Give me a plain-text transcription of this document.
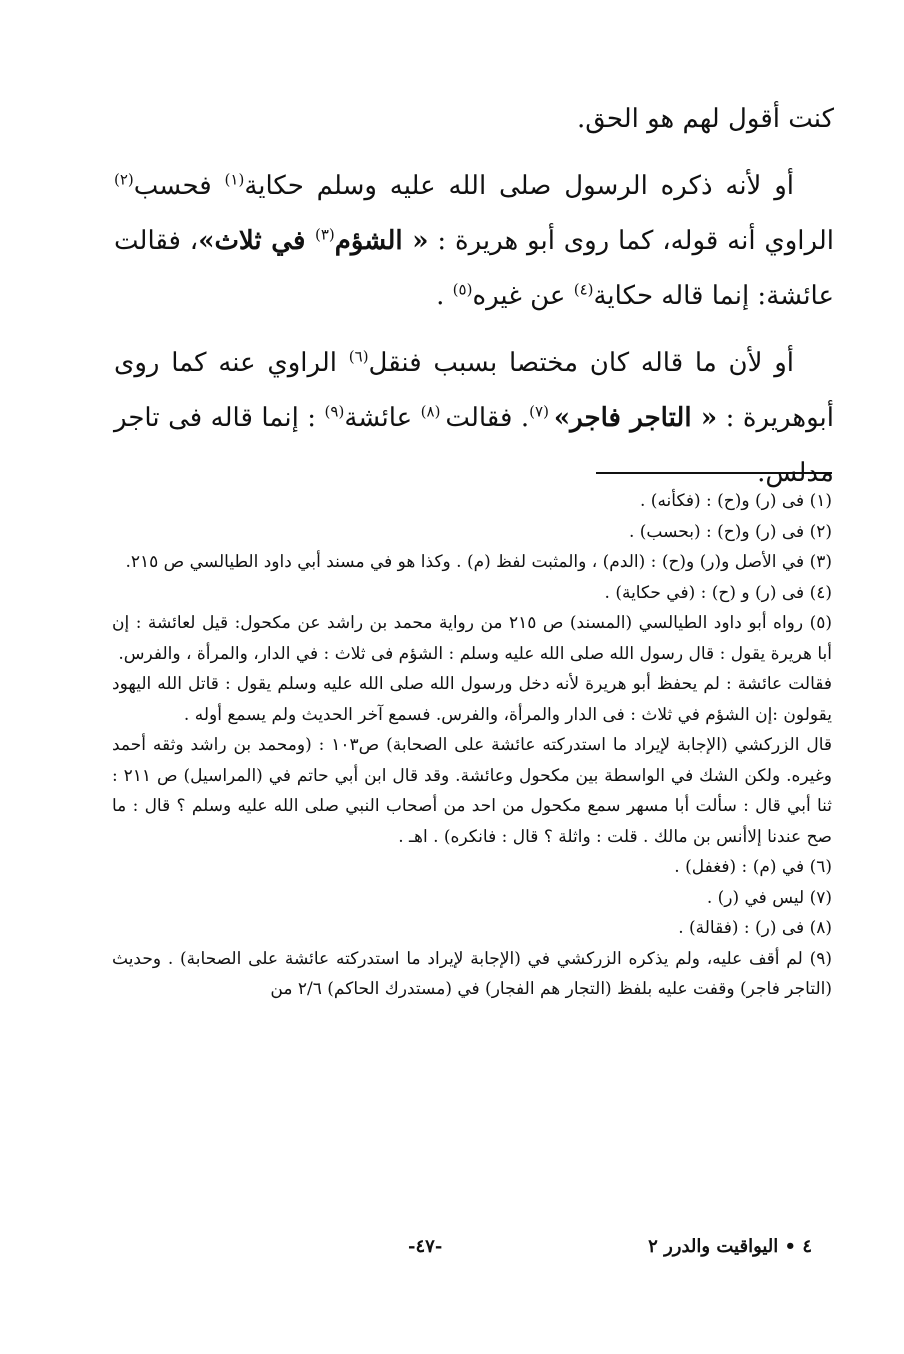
كنت أقول لهم هو الحق.

أو لأنه ذكره الرسول صلى الله عليه وسلم حكاية$^{(١)}$ فحسب$^{(٢)}$ الراوي أنه قوله، كما روى أبو هريرة : « الشؤم$^{(٣)}$ في ثلاث»، فقالت عائشة: إنما قاله حكاية$^{(٤)}$ عن غيره$^{(٥)}$ .

أو لأن ما قاله كان مختصا بسبب فنقل$^{(٦)}$ الراوي عنه كما روى أبوهريرة : « التاجر فاجر» $^{(٧)}$. فقالت $^{(٨)}$ عائشة$^{(٩)}$ : إنما قاله فى تاجر مدلس.

(١) فى (ر) و(ح) : (فكأنه) .

(٢) فى (ر) و(ح) : (بحسب) .

(٣) في الأصل و(ر) و(ح) : (الدم) ، والمثبت لفظ (م) . وكذا هو في مسند أبي داود الطيالسي ص ٢١٥.

(٤) فى (ر) و (ح) : (في حكاية) .

(٥) رواه أبو داود الطيالسي (المسند) ص ٢١٥ من رواية محمد بن راشد عن مكحول: قيل لعائشة : إن أبا هريرة يقول : قال رسول الله صلى الله عليه وسلم : الشؤم فى ثلاث : في الدار، والمرأة ، والفرس.

فقالت عائشة : لم يحفظ أبو هريرة لأنه دخل ورسول الله صلى الله عليه وسلم يقول : قاتل الله اليهود يقولون :إن الشؤم في ثلاث : فى الدار والمرأة، والفرس. فسمع آخر الحديث ولم يسمع أوله .

قال الزركشي (الإجابة لإيراد ما استدركته عائشة على الصحابة) ص١٠٣ : (ومحمد بن راشد وثقه أحمد وغيره. ولكن الشك في الواسطة بين مكحول وعائشة. وقد قال ابن أبي حاتم في (المراسيل) ص ٢١١ : ثنا أبي قال : سألت أبا مسهر سمع مكحول من احد من أصحاب النبي صلى الله عليه وسلم ؟ قال : ما صح عندنا إلاأنس بن مالك . قلت : واثلة ؟ قال : فانكره) . اهـ .

(٦) في (م) : (فغفل) .

(٧) ليس في (ر) .

(٨) فى (ر) : (فقالة) .

(٩) لم أقف عليه، ولم يذكره الزركشي في (الإجابة لإيراد ما استدركته عائشة على الصحابة) . وحديث (التاجر فاجر) وقفت عليه بلفظ (التجار هم الفجار) في (مستدرك الحاكم) ٢/٦ من

٤ • اليواقيت والدرر ٢
-٤٧-
